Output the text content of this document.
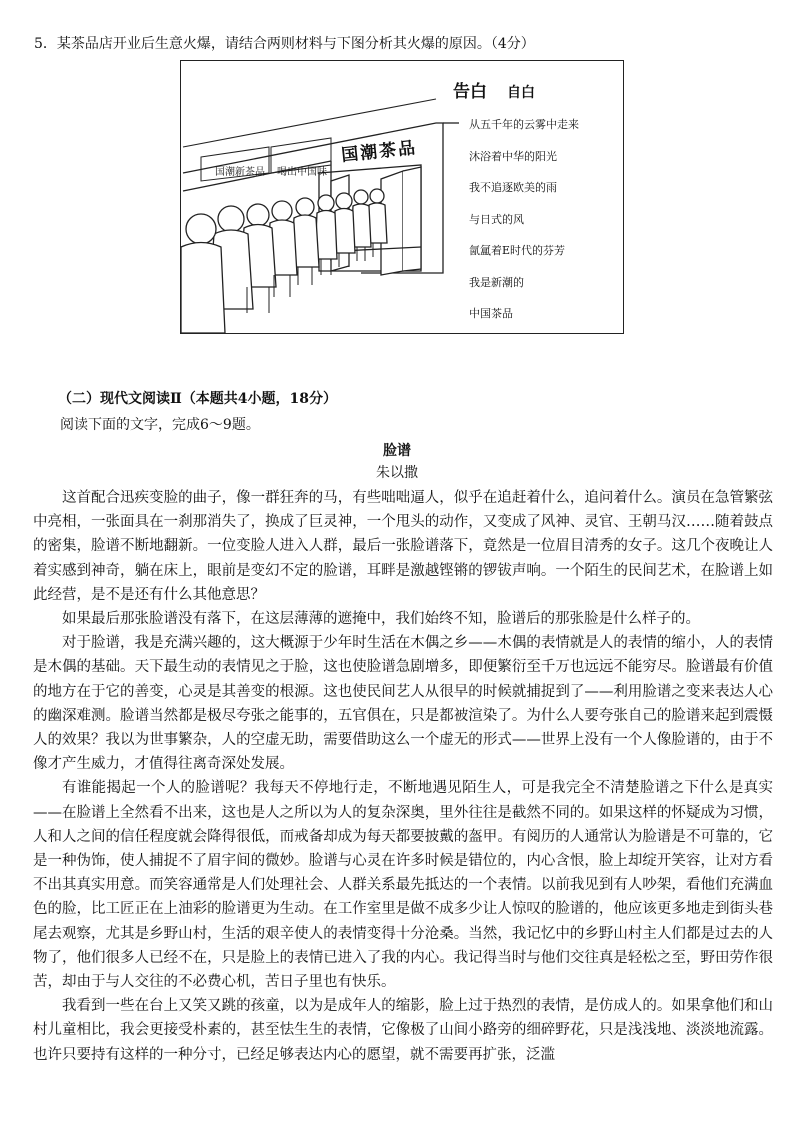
5．某茶品店开业后生意火爆，请结合两则材料与下图分析其火爆的原因。（4分）
国潮新茶品 喝出中国味
国潮茶品
告白 自白
从五千年的云雾中走来
沐浴着中华的阳光
我不追逐欧美的雨
与日式的风
氤氲着E时代的芬芳
我是新潮的
中国茶品
（二）现代文阅读Ⅱ（本题共4小题，18分）
阅读下面的文字，完成6～9题。
脸谱
朱以撒

这首配合迅疾变脸的曲子，像一群狂奔的马，有些咄咄逼人，似乎在追赶着什么，追问着什么。演员在急管繁弦中亮相，一张面具在一刹那消失了，换成了巨灵神，一个甩头的动作，又变成了风神、灵官、王朝马汉……随着鼓点的密集，脸谱不断地翻新。一位变脸人进入人群，最后一张脸谱落下，竟然是一位眉目清秀的女子。这几个夜晚让人着实感到神奇，躺在床上，眼前是变幻不定的脸谱，耳畔是激越铿锵的锣钹声响。一个陌生的民间艺术，在脸谱上如此经营，是不是还有什么其他意思？

如果最后那张脸谱没有落下，在这层薄薄的遮掩中，我们始终不知，脸谱后的那张脸是什么样子的。

对于脸谱，我是充满兴趣的，这大概源于少年时生活在木偶之乡——木偶的表情就是人的表情的缩小，人的表情是木偶的基础。天下最生动的表情见之于脸，这也使脸谱急剧增多，即便繁衍至千万也远远不能穷尽。脸谱最有价值的地方在于它的善变，心灵是其善变的根源。这也使民间艺人从很早的时候就捕捉到了——利用脸谱之变来表达人心的幽深难测。脸谱当然都是极尽夸张之能事的，五官俱在，只是都被渲染了。为什么人要夸张自己的脸谱来起到震慑人的效果？我以为世事繁杂，人的空虚无助，需要借助这么一个虚无的形式——世界上没有一个人像脸谱的，由于不像才产生威力，才值得往离奇深处发展。

有谁能揭起一个人的脸谱呢？我每天不停地行走，不断地遇见陌生人，可是我完全不清楚脸谱之下什么是真实——在脸谱上全然看不出来，这也是人之所以为人的复杂深奥，里外往往是截然不同的。如果这样的怀疑成为习惯，人和人之间的信任程度就会降得很低，而戒备却成为每天都要披戴的盔甲。有阅历的人通常认为脸谱是不可靠的，它是一种伪饰，使人捕捉不了眉宇间的微妙。脸谱与心灵在许多时候是错位的，内心含恨，脸上却绽开笑容，让对方看不出其真实用意。而笑容通常是人们处理社会、人群关系最先抵达的一个表情。以前我见到有人吵架，看他们充满血色的脸，比工匠正在上油彩的脸谱更为生动。在工作室里是做不成多少让人惊叹的脸谱的，他应该更多地走到街头巷尾去观察，尤其是乡野山村，生活的艰辛使人的表情变得十分沧桑。当然，我记忆中的乡野山村主人们都是过去的人物了，他们很多人已经不在，只是脸上的表情已进入了我的内心。我记得当时与他们交往真是轻松之至，野田劳作很苦，却由于与人交往的不必费心机，苦日子里也有快乐。

我看到一些在台上又笑又跳的孩童，以为是成年人的缩影，脸上过于热烈的表情，是仿成人的。如果拿他们和山村儿童相比，我会更接受朴素的，甚至怯生生的表情，它像极了山间小路旁的细碎野花，只是浅浅地、淡淡地流露。也许只要持有这样的一种分寸，已经足够表达内心的愿望，就不需要再扩张，泛滥
